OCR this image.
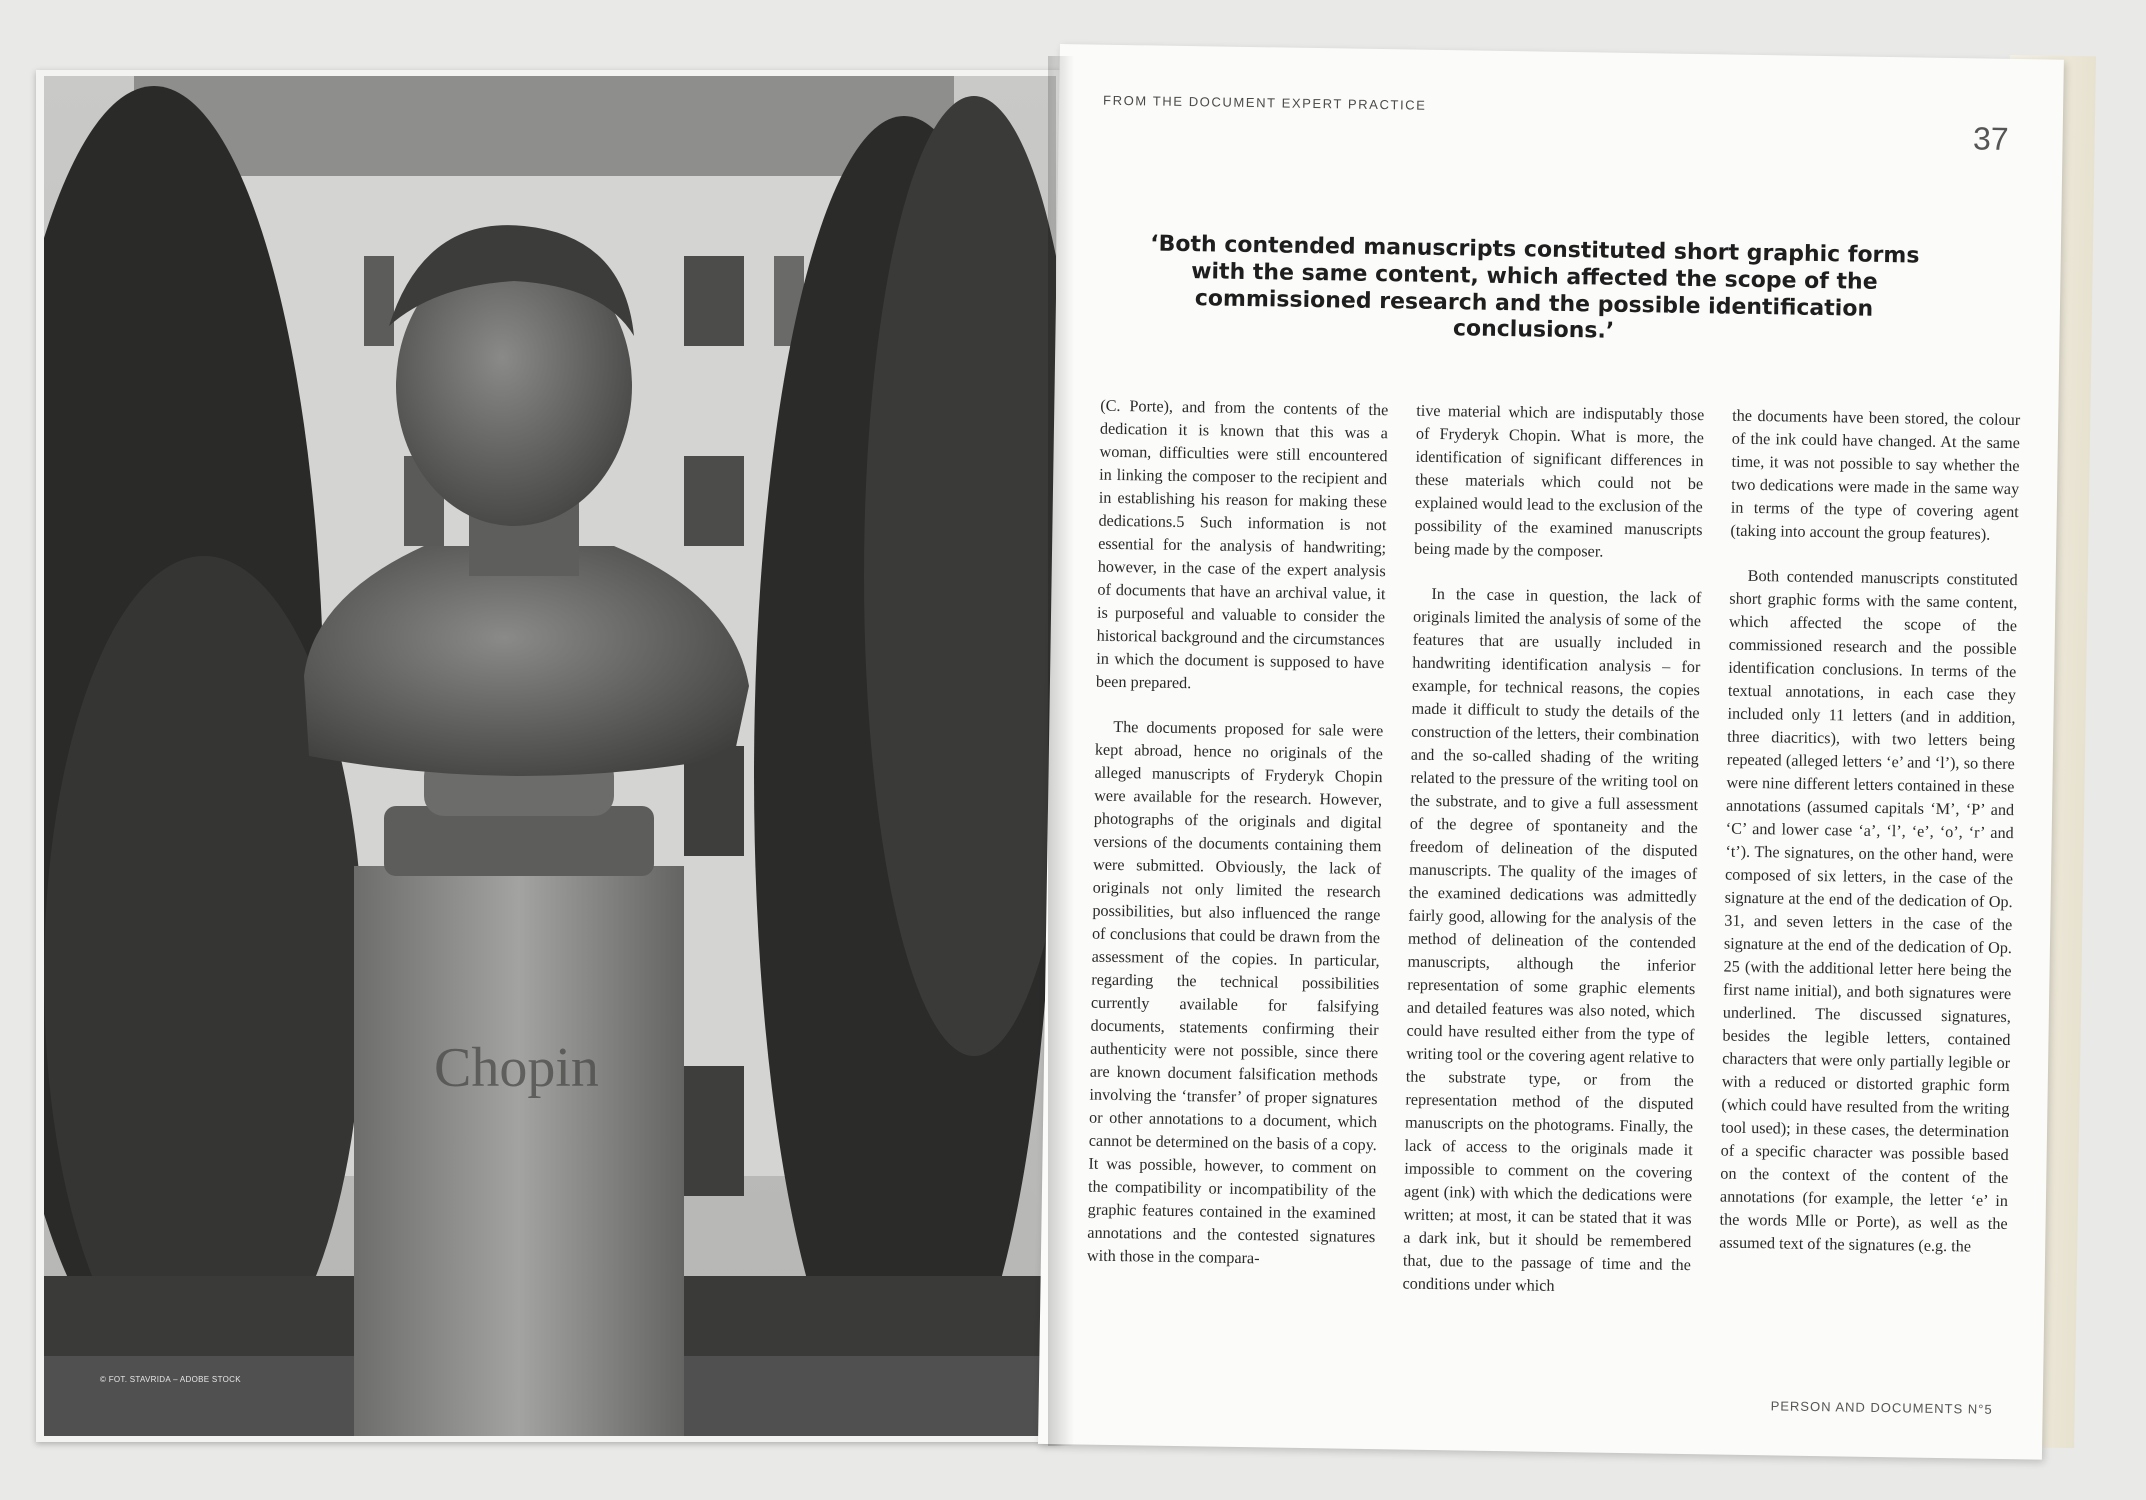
Chopin
© FOT. STAVRIDA – ADOBE STOCK
FROM THE DOCUMENT EXPERT PRACTICE
37
‘Both contended manuscripts constituted short graphic forms with the same content, which affected the scope of the commissioned research and the possible identification conclusions.’

(C. Porte), and from the contents of the dedication it is known that this was a woman, difficulties were still encountered in linking the composer to the recipient and in establishing his reason for making these dedications.5 Such information is not essential for the analysis of handwriting; however, in the case of the expert analysis of documents that have an archival value, it is purposeful and valuable to consider the historical background and the circumstances in which the document is supposed to have been prepared.

The documents proposed for sale were kept abroad, hence no originals of the alleged manuscripts of Fryderyk Chopin were available for the research. However, photographs of the originals and digital versions of the documents containing them were submitted. Obviously, the lack of originals not only limited the research possibilities, but also influenced the range of conclusions that could be drawn from the assessment of the copies. In particular, regarding the technical possibilities currently available for falsifying documents, statements confirming their authenticity were not possible, since there are known document falsification methods involving the ‘transfer’ of proper signatures or other annotations to a document, which cannot be determined on the basis of a copy. It was possible, however, to comment on the compatibility or incompatibility of the graphic features contained in the examined annotations and the contested signatures with those in the compara-

tive material which are indisputably those of Fryderyk Chopin. What is more, the identification of significant differences in these materials which could not be explained would lead to the exclusion of the possibility of the examined manuscripts being made by the composer.

In the case in question, the lack of originals limited the analysis of some of the features that are usually included in handwriting identification analysis – for example, for technical reasons, the copies made it difficult to study the details of the construction of the letters, their combination and the so-called shading of the writing related to the pressure of the writing tool on the substrate, and to give a full assessment of the degree of spontaneity and the freedom of delineation of the disputed manuscripts. The quality of the images of the examined dedications was admittedly fairly good, allowing for the analysis of the method of delineation of the contended manuscripts, although the inferior representation of some graphic elements and detailed features was also noted, which could have resulted either from the type of writing tool or the covering agent relative to the substrate type, or from the representation method of the disputed manuscripts on the photograms. Finally, the lack of access to the originals made it impossible to comment on the covering agent (ink) with which the dedications were written; at most, it can be stated that it was a dark ink, but it should be remembered that, due to the passage of time and the conditions under which

the documents have been stored, the colour of the ink could have changed. At the same time, it was not possible to say whether the two dedications were made in the same way in terms of the type of covering agent (taking into account the group features).

Both contended manuscripts constituted short graphic forms with the same content, which affected the scope of the commissioned research and the possible identification conclusions. In terms of the textual annotations, in each case they included only 11 letters (and in addition, three diacritics), with two letters being repeated (alleged letters ‘e’ and ‘l’), so there were nine different letters contained in these annotations (assumed capitals ‘M’, ‘P’ and ‘C’ and lower case ‘a’, ‘l’, ‘e’, ‘o’, ‘r’ and ‘t’). The signatures, on the other hand, were composed of six letters, in the case of the signature at the end of the dedication of Op. 31, and seven letters in the case of the signature at the end of the dedication of Op. 25 (with the additional letter here being the first name initial), and both signatures were underlined. The discussed signatures, besides the legible letters, contained characters that were only partially legible or with a reduced or distorted graphic form (which could have resulted from the writing tool used); in these cases, the determination of a specific character was possible based on the context of the content of the annotations (for example, the letter ‘e’ in the words Mlle or Porte), as well as the assumed text of the signatures (e.g. the

PERSON AND DOCUMENTS N°5
